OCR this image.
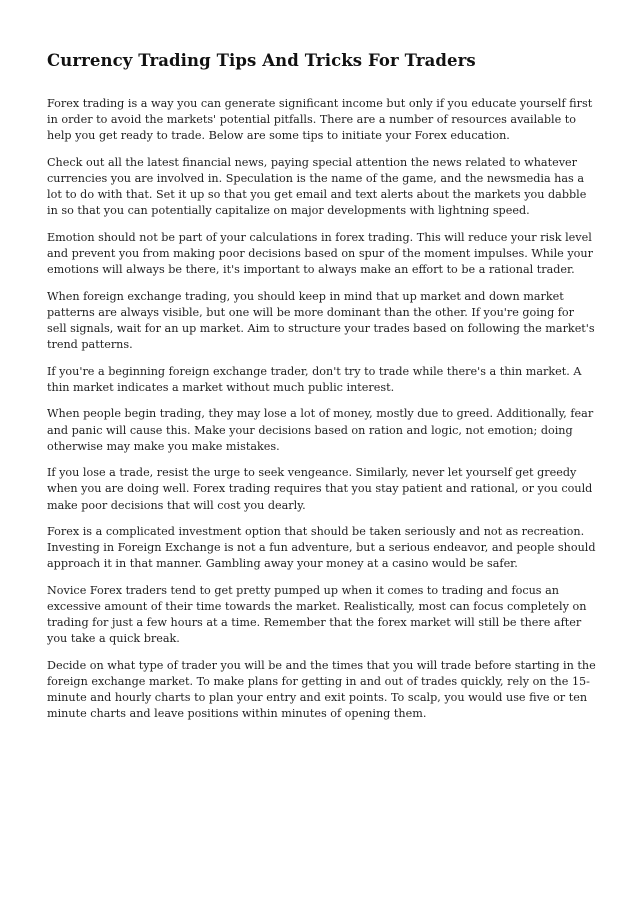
Currency Trading Tips And Tricks For Traders

Forex trading is a way you can generate significant income but only if you educate yourself first in order to avoid the markets' potential pitfalls. There are a number of resources available to help you get ready to trade. Below are some tips to initiate your Forex education.

Check out all the latest financial news, paying special attention the news related to whatever currencies you are involved in. Speculation is the name of the game, and the newsmedia has a lot to do with that. Set it up so that you get email and text alerts about the markets you dabble in so that you can potentially capitalize on major developments with lightning speed.

Emotion should not be part of your calculations in forex trading. This will reduce your risk level and prevent you from making poor decisions based on spur of the moment impulses. While your emotions will always be there, it's important to always make an effort to be a rational trader.

When foreign exchange trading, you should keep in mind that up market and down market patterns are always visible, but one will be more dominant than the other. If you're going for sell signals, wait for an up market. Aim to structure your trades based on following the market's trend patterns.

If you're a beginning foreign exchange trader, don't try to trade while there's a thin market. A thin market indicates a market without much public interest.

When people begin trading, they may lose a lot of money, mostly due to greed. Additionally, fear and panic will cause this. Make your decisions based on ration and logic, not emotion; doing otherwise may make you make mistakes.

If you lose a trade, resist the urge to seek vengeance. Similarly, never let yourself get greedy when you are doing well. Forex trading requires that you stay patient and rational, or you could make poor decisions that will cost you dearly.

Forex is a complicated investment option that should be taken seriously and not as recreation. Investing in Foreign Exchange is not a fun adventure, but a serious endeavor, and people should approach it in that manner. Gambling away your money at a casino would be safer.

Novice Forex traders tend to get pretty pumped up when it comes to trading and focus an excessive amount of their time towards the market. Realistically, most can focus completely on trading for just a few hours at a time. Remember that the forex market will still be there after you take a quick break.

Decide on what type of trader you will be and the times that you will trade before starting in the foreign exchange market. To make plans for getting in and out of trades quickly, rely on the 15-minute and hourly charts to plan your entry and exit points. To scalp, you would use five or ten minute charts and leave positions within minutes of opening them.
